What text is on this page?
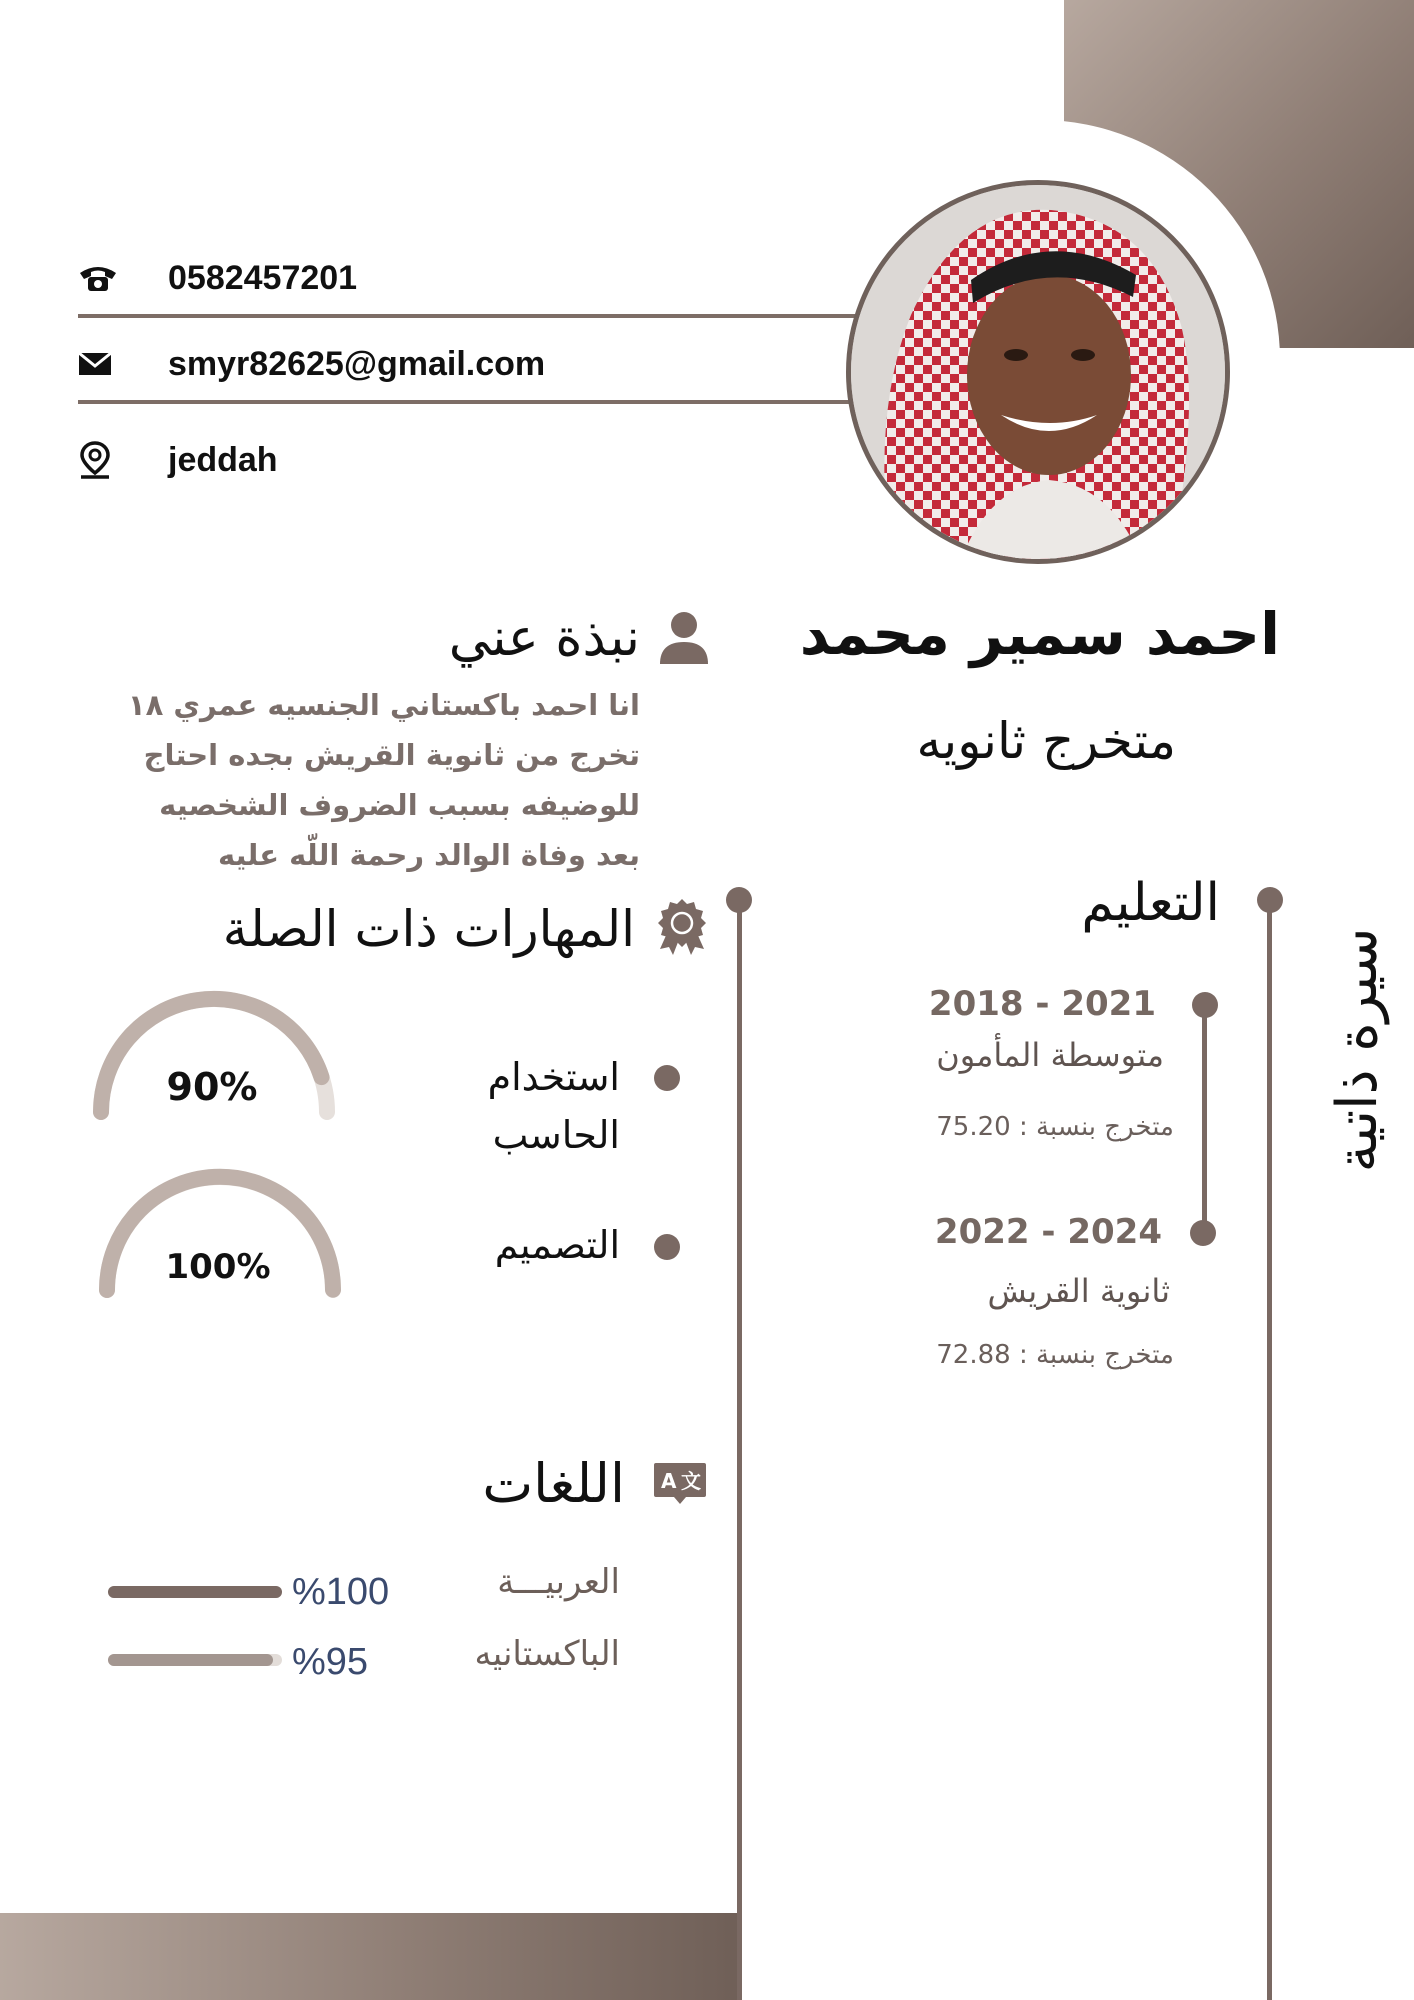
0582457201
smyr82625@gmail.com
jeddah
احمد سمير محمد
متخرج ثانويه
نبذة عني
انا احمد باكستاني الجنسيه عمري ١٨
تخرج من ثانوية القريش بجده احتاج
للوضيفه بسبب الضروف الشخصيه
بعد وفاة الوالد رحمة اللّه عليه
المهارات ذات الصلة
استخدام
الحاسب
90%
التصميم
100%
A 文
اللغات
العربيـــة
%100
الباكستانيه
%95
التعليم
2021 - 2018
متوسطة المأمون
متخرج بنسبة : 75.20
2024 - 2022
ثانوية القريش
متخرج بنسبة : 72.88
سيرة ذاتية
